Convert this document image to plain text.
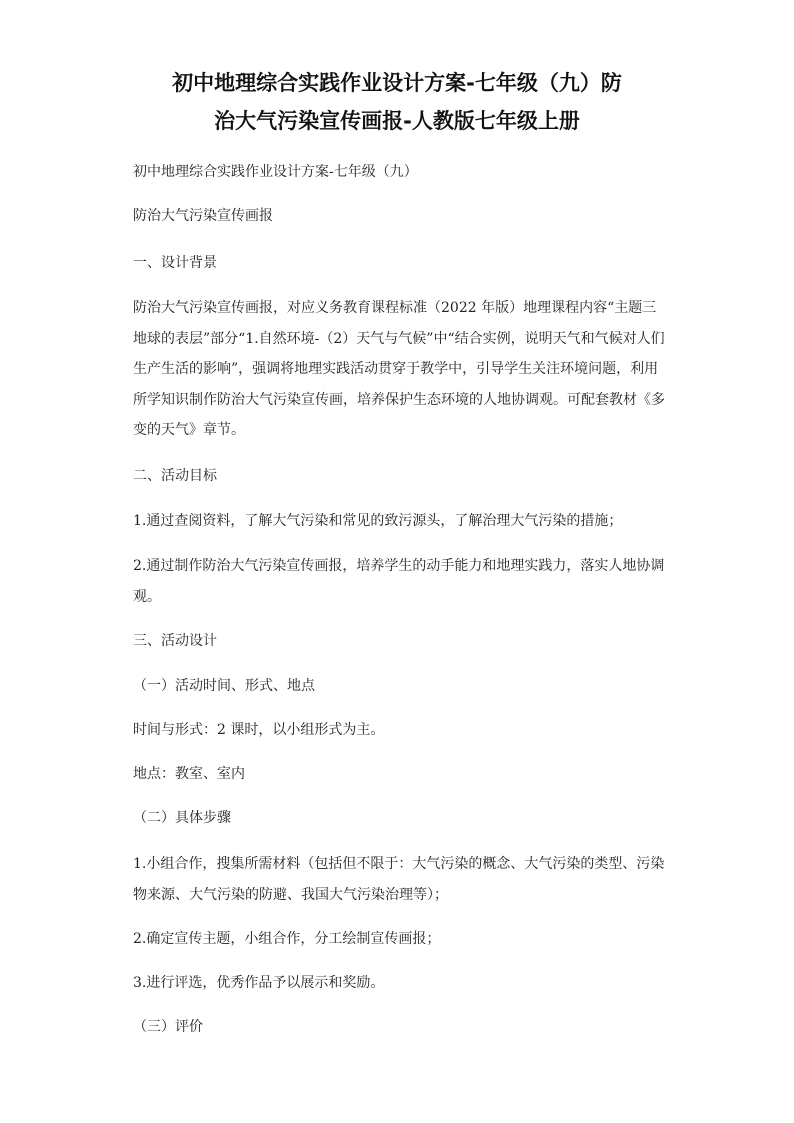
初中地理综合实践作业设计方案-七年级（九）防
治大气污染宣传画报-人教版七年级上册

初中地理综合实践作业设计方案-七年级（九）

防治大气污染宣传画报

一、设计背景

防治大气污染宣传画报，对应义务教育课程标准（2022 年版）地理课程内容“主题三
地球的表层”部分“1.自然环境-（2）天气与气候”中“结合实例，说明天气和气候对人们
生产生活的影响”，强调将地理实践活动贯穿于教学中，引导学生关注环境问题，利用
所学知识制作防治大气污染宣传画，培养保护生态环境的人地协调观。可配套教材《多
变的天气》章节。

二、活动目标

1.通过查阅资料，了解大气污染和常见的致污源头，了解治理大气污染的措施；

2.通过制作防治大气污染宣传画报，培养学生的动手能力和地理实践力，落实人地协调
观。

三、活动设计

（一）活动时间、形式、地点

时间与形式：2 课时，以小组形式为主。

地点：教室、室内

（二）具体步骤

1.小组合作，搜集所需材料（包括但不限于：大气污染的概念、大气污染的类型、污染
物来源、大气污染的防避、我国大气污染治理等）；

2.确定宣传主题，小组合作，分工绘制宣传画报；

3.进行评选，优秀作品予以展示和奖励。

（三）评价
